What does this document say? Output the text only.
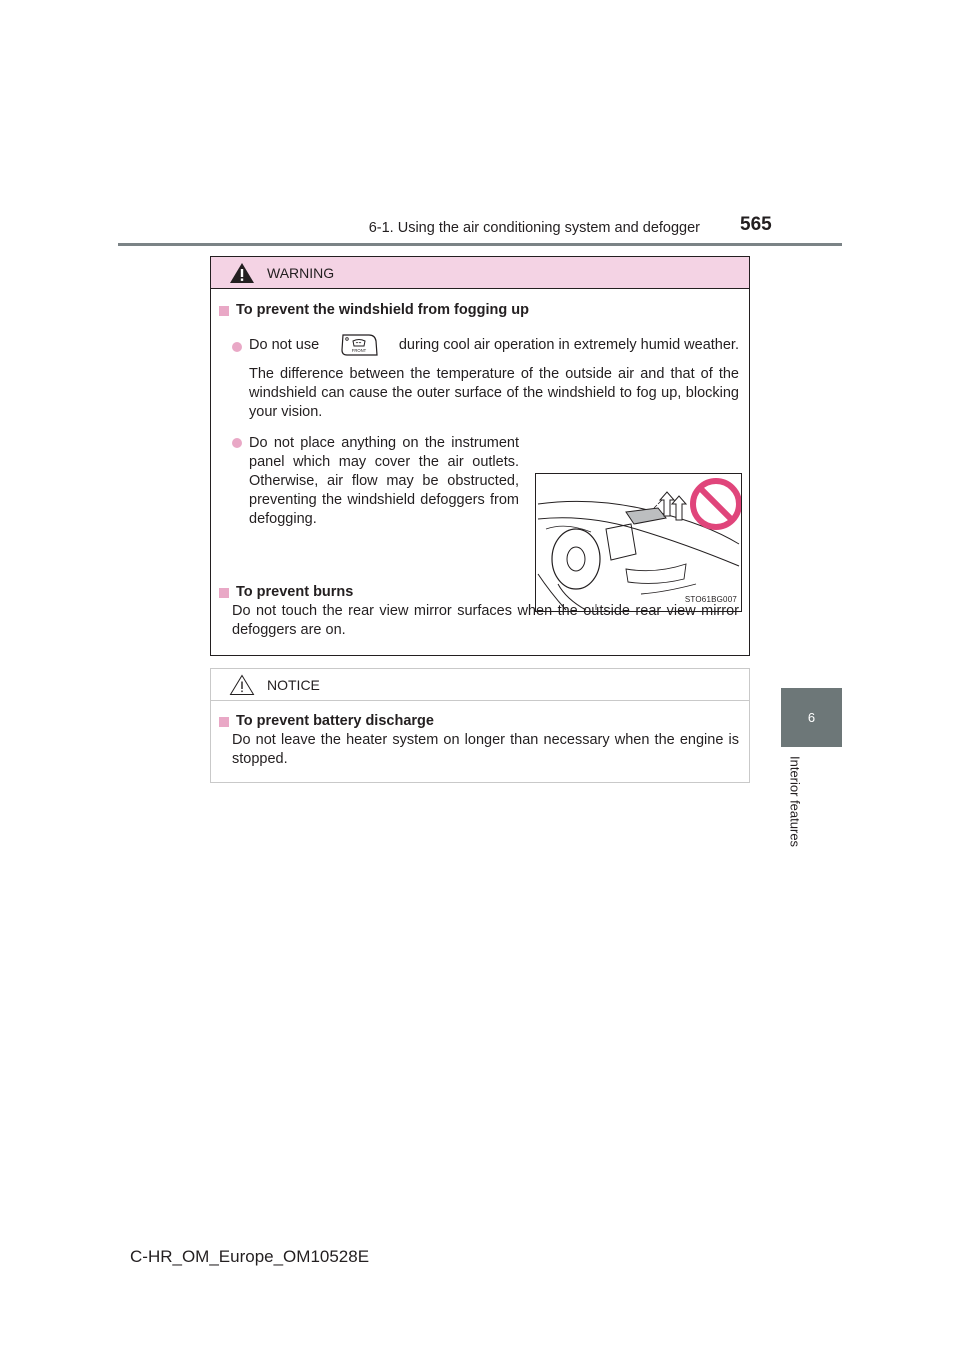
6-1. Using the air conditioning system and defogger 565
6
Interior features
WARNING
To prevent the windshield from fogging up
Do not use	FRONT during cool air operation in extremely humid weather.
The difference between the temperature of the outside air and that of the windshield can cause the outer surface of the windshield to fog up, blocking your vision.
Do not place anything on the instrument panel which may cover the air outlets. Otherwise, air flow may be obstructed, preventing the windshield defoggers from defogging.
STO61BG007
To prevent burns
Do not touch the rear view mirror surfaces when the outside rear view mirror defoggers are on.
NOTICE
To prevent battery discharge
Do not leave the heater system on longer than necessary when the engine is stopped.
C-HR_OM_Europe_OM10528E
